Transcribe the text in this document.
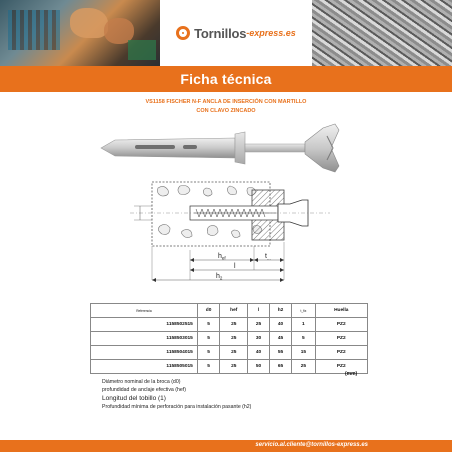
Tornillos -express.es
Ficha técnica
VS1158 FISCHER N-F ANCLA DE INSERCIÓN CON MARTILLO
CON CLAVO ZINCADO
$h_{ef}$	$t_{...}$
l
$h_2$
Referencia	d0	hef	l	h2	t_fix	Huella
1158502515	5	25	25	40	1	PZ2
1158503015	5	25	30	45	5	PZ2
1158504015	5	25	40	55	15	PZ2
1158505015	5	25	50	65	25	PZ2
(mm)
Diámetro nominal de la broca (d0)
profundidad de anclaje efectiva (hef)
Longitud del tobillo (1)
Profundidad mínima de perforación para instalación pasante (h2)
servicio.al.cliente@tornillos-express.es
